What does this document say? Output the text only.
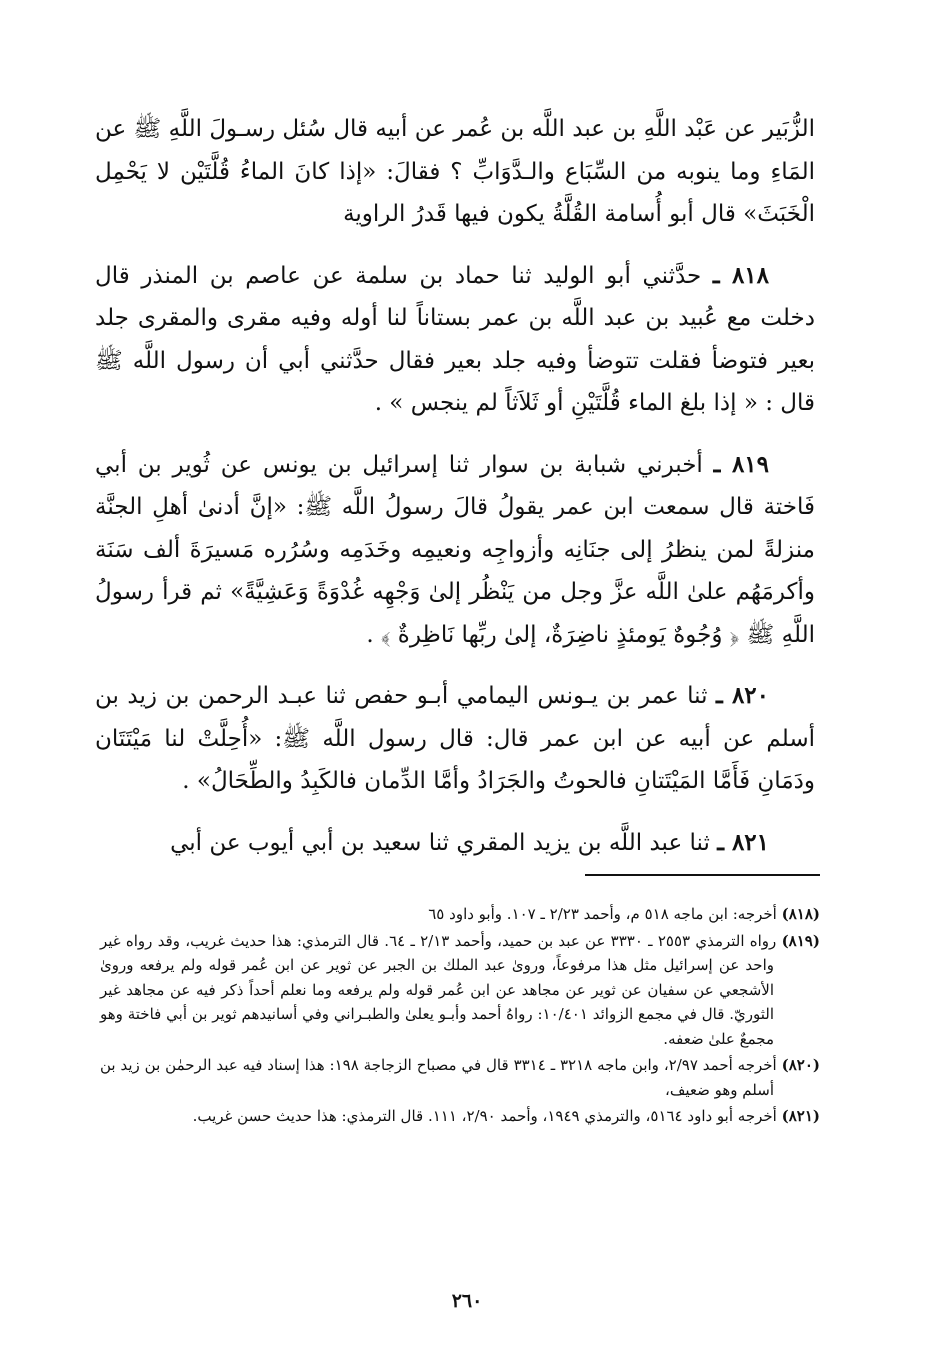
الزُّبَير عن عَبْد اللَّهِ بن عبد اللَّه بن عُمر عن أبيه قال سُئل رسـولَ اللَّهِ ﷺ عن المَاءِ وما ينوبه من السِّبَاع والـدَّوَابِّ ؟ فقالَ: «إذا كانَ الماءُ قُلَّتَيْن لا يَحْمِل الْخَبَثَ» قال أبو أُسامة القُلَّةُ يكون فيها قَدرُ الراوية

٨١٨ ـ حدَّثني أبو الوليد ثنا حماد بن سلمة عن عاصم بن المنذر قال دخلت مع عُبيد بن عبد اللَّه بن عمر بستاناً لنا أوله وفيه مقرى والمقرى جلد بعير فتوضأ فقلت تتوضأ وفيه جلد بعير فقال حدَّثني أبي أن رسول اللَّه ﷺ قال : « إذا بلغ الماء قُلَّتَيْنِ أو ثَلاَثاً لم ينجس » .

٨١٩ ـ أخبرني شبابة بن سوار ثنا إسرائيل بن يونس عن ثُوير بن أبي فَاختة قال سمعت ابن عمر يقولُ قالَ رسولُ اللَّه ﷺ: «إنَّ أدنىٰ أهلِ الجنَّة منزلةً لمن ينظرُ إلى جنَانِه وأزواجِه ونعيمِه وخَدَمِه وسُرُره مَسيرَةَ ألف سَنَة وأكرمَهُم علىٰ اللَّه عزَّ وجل من يَنْظُر إلىٰ وَجْهِه غُدْوَةً وَعَشِيَّةً» ثم قرأ رسولُ اللَّهِ ﷺ ﴿ وُجُوهٌ يَومئذٍ ناضِرَةٌ، إلىٰ ربِّها نَاظِرةٌ ﴾ .

٨٢٠ ـ ثنا عمر بن يـونس اليمامي أبـو حفص ثنا عبـد الرحمن بن زيد بن أسلم عن أبيه عن ابن عمر قال: قال رسول اللَّه ﷺ: «أُحِلَّتْ لنا مَيْتَتَان ودَمَانِ فَأَمَّا المَيْتَتانِ فالحوتُ والجَرَادُ وأمَّا الدِّمان فالكَبِدُ والطِّحَالُ» .

٨٢١ ـ ثنا عبد اللَّه بن يزيد المقري ثنا سعيد بن أبي أيوب عن أبي

(٨١٨) أخرجه: ابن ماجه ٥١٨ م، وأحمد ٢/٢٣ ـ ١٠٧. وأبو داود ٦٥

(٨١٩) رواه الترمذي ٢٥٥٣ ـ ٣٣٣٠ عن عبد بن حميد، وأحمد ٢/١٣ ـ ٦٤. قال الترمذي: هذا حديث غريب، وقد رواه غير واحد عن إسرائيل مثل هذا مرفوعاً، وروىٰ عبد الملك بن الجبر عن ثوير عن ابن عُمر قوله ولم يرفعه وروىٰ الأشجعي عن سفيان عن ثوير عن مجاهد عن ابن عُمر قوله ولم يرفعه وما نعلم أحداً ذكر فيه عن مجاهد غير الثوريّ. قال في مجمع الزوائد ١٠/٤٠١: رواهُ أحمد وأبـو يعلىٰ والطبـراني وفي أسانيدهم ثوير بن أبي فاختة وهو مجمعٌ علىٰ ضعفه.

(٨٢٠) أخرجه أحمد ٢/٩٧، وابن ماجه ٣٢١٨ ـ ٣٣١٤ قال في مصباح الزجاجة ١٩٨: هذا إسناد فيه عبد الرحمٰن بن زيد بن أسلم وهو ضعيف،

(٨٢١) أخرجه أبو داود ٥١٦٤، والترمذي ١٩٤٩، وأحمد ٢/٩٠، ١١١. قال الترمذي: هذا حديث حسن غريب.

٢٦٠
